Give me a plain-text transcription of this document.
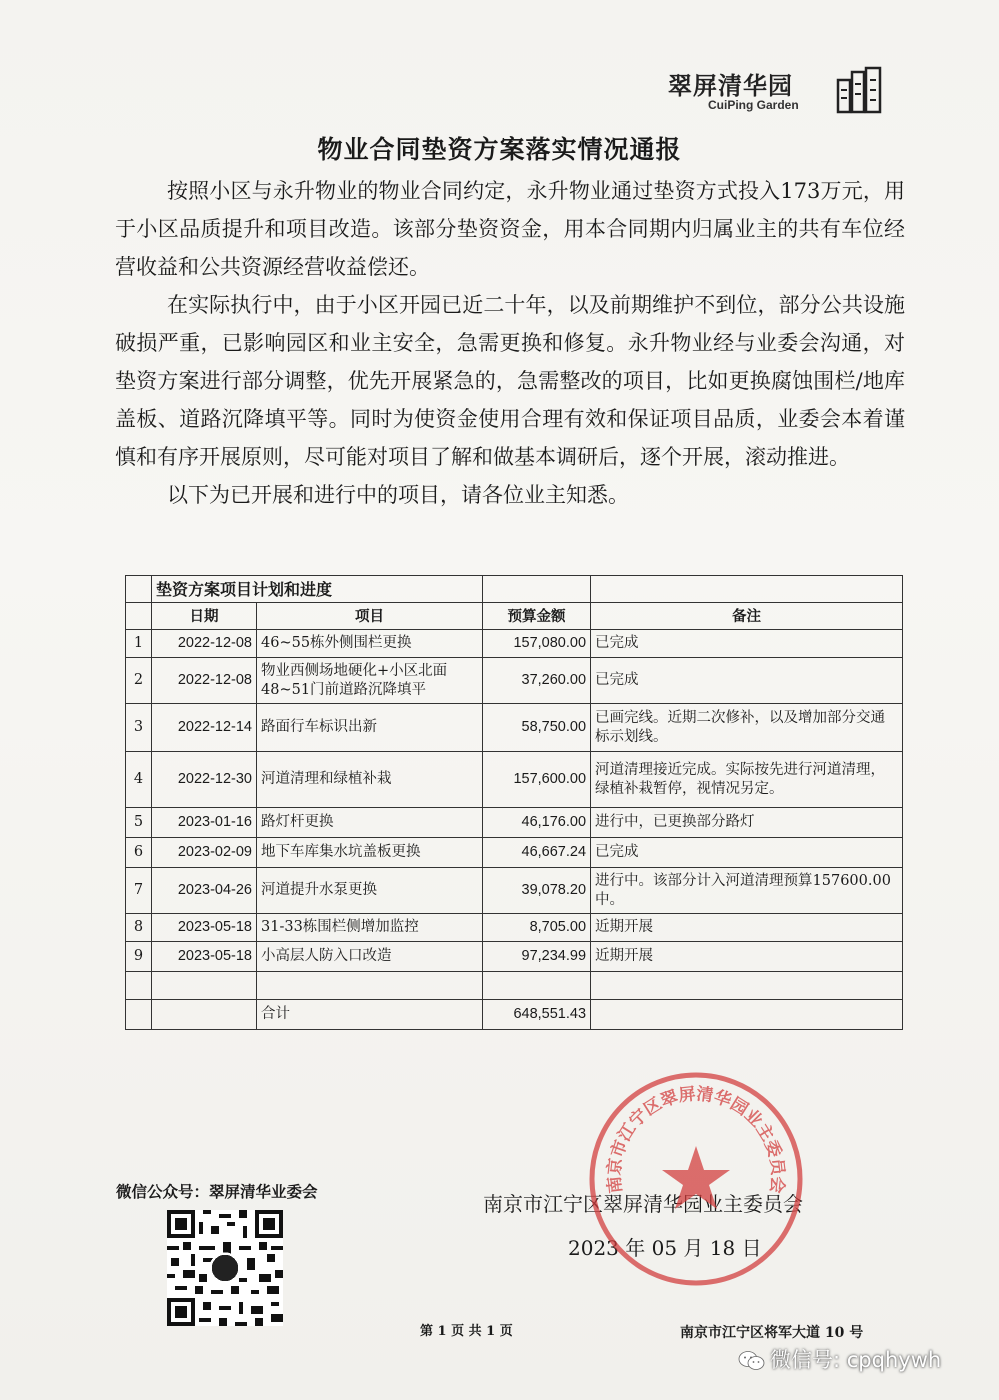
翠屏清华园
CuiPing Garden
物业合同垫资方案落实情况通报

按照小区与永升物业的物业合同约定，永升物业通过垫资方式投入173万元，用于小区品质提升和项目改造。该部分垫资资金，用本合同期内归属业主的共有车位经营收益和公共资源经营收益偿还。

在实际执行中，由于小区开园已近二十年，以及前期维护不到位，部分公共设施破损严重，已影响园区和业主安全，急需更换和修复。永升物业经与业委会沟通，对垫资方案进行部分调整，优先开展紧急的，急需整改的项目，比如更换腐蚀围栏/地库盖板、道路沉降填平等。同时为使资金使用合理有效和保证项目品质，业委会本着谨慎和有序开展原则，尽可能对项目了解和做基本调研后，逐个开展，滚动推进。

以下为已开展和进行中的项目，请各位业主知悉。

	垫资方案项目计划和进度			
	日期	项目	预算金额	备注
1	2022-12-08	46~55栋外侧围栏更换	157,080.00	已完成
2	2022-12-08	物业西侧场地硬化+小区北面48~51门前道路沉降填平	37,260.00	已完成
3	2022-12-14	路面行车标识出新	58,750.00	已画完线。近期二次修补，以及增加部分交通标示划线。
4	2022-12-30	河道清理和绿植补栽	157,600.00	河道清理接近完成。实际按先进行河道清理，绿植补栽暂停，视情况另定。
5	2023-01-16	路灯杆更换	46,176.00	进行中，已更换部分路灯
6	2023-02-09	地下车库集水坑盖板更换	46,667.24	已完成
7	2023-04-26	河道提升水泵更换	39,078.20	进行中。该部分计入河道清理预算157600.00中。
8	2023-05-18	31-33栋围栏侧增加监控	8,705.00	近期开展
9	2023-05-18	小高层人防入口改造	97,234.99	近期开展

		合计	648,551.43	
微信公众号：翠屏清华业委会	南京市江宁区翠屏清华园业主委员会
2023 年 05 月 18 日
南京市江宁区翠屏清华园业主委员会
第 1 页 共 1 页	南京市江宁区将军大道 10 号
微信号: cpqhywh
